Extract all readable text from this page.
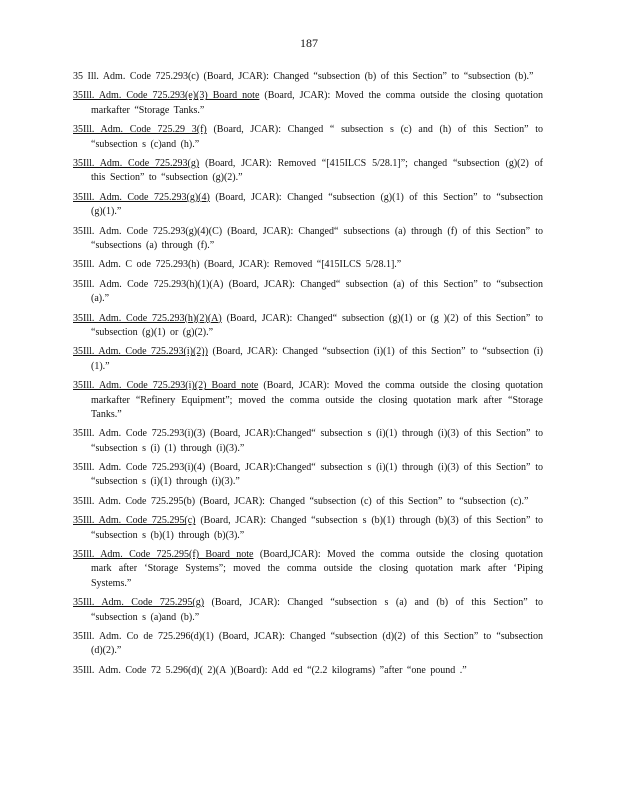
187

35 Ill. Adm. Code 725.293(c) (Board, JCAR): Changed “subsection (b) of this Section” to “subsection (b).”

35Ill. Adm. Code 725.293(e)(3) Board note (Board, JCAR): Moved the comma outside the closing quotation markafter “Storage Tanks.”

35Ill. Adm. Code 725.29 3(f) (Board, JCAR): Changed “ subsection s (c) and (h) of this Section” to “subsection s (c)and (h).”

35Ill. Adm. Code 725.293(g) (Board, JCAR): Removed “[415ILCS 5/28.1]”; changed “subsection (g)(2) of this Section” to “subsection (g)(2).”

35Ill. Adm. Code 725.293(g)(4) (Board, JCAR): Changed “subsection (g)(1) of this Section” to “subsection (g)(1).”

35Ill. Adm. Code 725.293(g)(4)(C) (Board, JCAR): Changed“ subsections (a) through (f) of this Section” to “subsections (a) through (f).”

35Ill. Adm. C ode 725.293(h) (Board, JCAR): Removed “[415ILCS 5/28.1].”

35Ill. Adm. Code 725.293(h)(1)(A) (Board, JCAR): Changed“ subsection (a) of this Section” to “subsection (a).”

35Ill. Adm. Code 725.293(h)(2)(A) (Board, JCAR): Changed“ subsection (g)(1) or (g )(2) of this Section” to “subsection (g)(1) or (g)(2).”

35Ill. Adm. Code 725.293(i)(2)) (Board, JCAR): Changed “subsection (i)(1) of this Section” to “subsection (i)(1).”

35Ill. Adm. Code 725.293(i)(2) Board note (Board, JCAR): Moved the comma outside the closing quotation markafter “Refinery Equipment”; moved the comma outside the closing quotation mark after “Storage Tanks.”

35Ill. Adm. Code 725.293(i)(3) (Board, JCAR):Changed“ subsection s (i)(1) through (i)(3) of this Section” to “subsection s (i) (1) through (i)(3).”

35Ill. Adm. Code 725.293(i)(4) (Board, JCAR):Changed“ subsection s (i)(1) through (i)(3) of this Section” to “subsection s (i)(1) through (i)(3).”

35Ill. Adm. Code 725.295(b) (Board, JCAR): Changed “subsection (c) of this Section” to “subsection (c).”

35Ill. Adm. Code 725.295(c) (Board, JCAR): Changed “subsection s (b)(1) through (b)(3) of this Section” to “subsection s (b)(1) through (b)(3).”

35Ill. Adm. Code 725.295(f) Board note (Board,JCAR): Moved the comma outside the closing quotation mark after ‘Storage Systems”; moved the comma outside the closing quotation mark after ‘Piping Systems.”

35Ill. Adm. Code 725.295(g) (Board, JCAR): Changed “subsection s (a) and (b) of this Section” to “subsection s (a)and (b).”

35Ill. Adm. Co de 725.296(d)(1) (Board, JCAR): Changed “subsection (d)(2) of this Section” to “subsection (d)(2).”

35Ill. Adm. Code 72 5.296(d)( 2)(A )(Board): Add ed “(2.2 kilograms) ”after “one pound .”
